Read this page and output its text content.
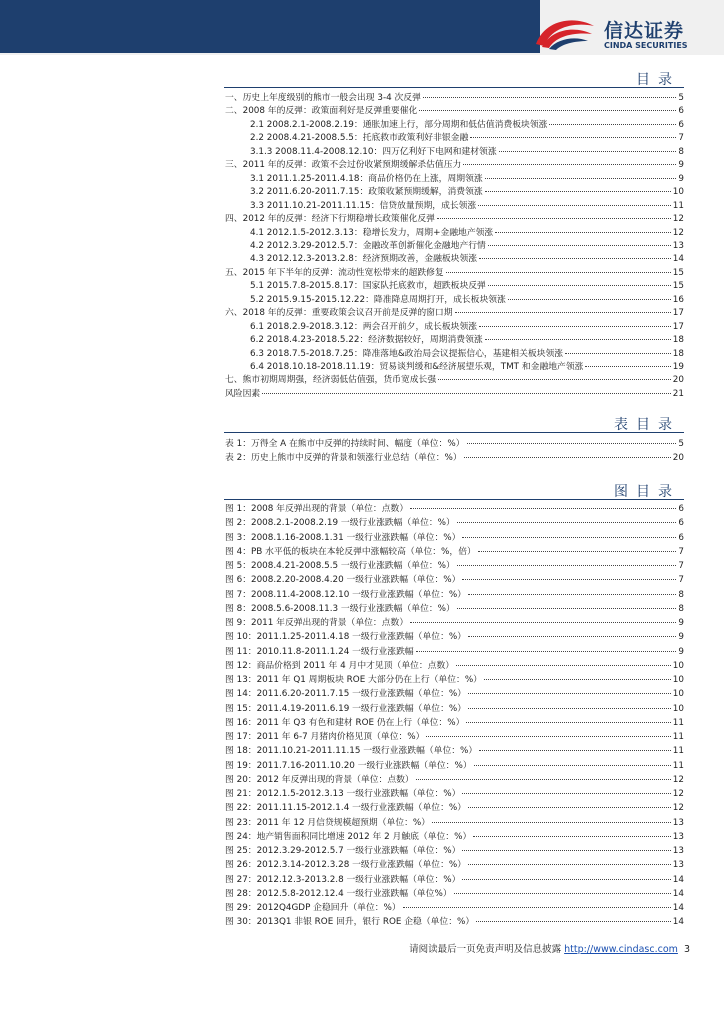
信达证券
CINDA SECURITIES
目录
一、历史上年度级别的熊市一般会出现 3-4 次反弹	5
二、2008 年的反弹：政策面利好是反弹重要催化	6
2.1 2008.2.1-2008.2.19：通胀加速上行，部分周期和低估值消费板块领涨	6
2.2 2008.4.21-2008.5.5：托底救市政策利好非银金融	7
3.1.3 2008.11.4-2008.12.10：四万亿利好下电网和建材领涨	8
三、2011 年的反弹：政策不会过份收紧预期缓解杀估值压力	9
3.1 2011.1.25-2011.4.18：商品价格仍在上涨，周期领涨	9
3.2 2011.6.20-2011.7.15：政策收紧预期缓解，消费领涨	10
3.3 2011.10.21-2011.11.15：信贷放量预期，成长领涨	11
四、2012 年的反弹：经济下行期稳增长政策催化反弹	12
4.1 2012.1.5-2012.3.13：稳增长发力，周期+金融地产领涨	12
4.2 2012.3.29-2012.5.7：金融改革创新催化金融地产行情	13
4.3 2012.12.3-2013.2.8：经济预期改善，金融板块领涨	14
五、2015 年下半年的反弹：流动性宽松带来的超跌修复	15
5.1 2015.7.8-2015.8.17：国家队托底救市，超跌板块反弹	15
5.2 2015.9.15-2015.12.22：降准降息周期打开，成长板块领涨	16
六、2018 年的反弹：重要政策会议召开前是反弹的窗口期	17
6.1 2018.2.9-2018.3.12：两会召开前夕，成长板块领涨	17
6.2 2018.4.23-2018.5.22：经济数据较好，周期消费领涨	18
6.3 2018.7.5-2018.7.25：降准落地&政治局会议提振信心，基建相关板块领涨	18
6.4 2018.10.18-2018.11.19：贸易谈判缓和&经济展望乐观，TMT 和金融地产领涨	19
七、熊市初期周期强，经济弱低估值强，货币宽成长强	20
风险因素	21
表目录
表 1：万得全 A 在熊市中反弹的持续时间、幅度（单位：%）	5
表 2：历史上熊市中反弹的背景和领涨行业总结（单位：%）	20
图目录
图 1：2008 年反弹出现的背景（单位：点数）	6
图 2：2008.2.1-2008.2.19 一级行业涨跌幅（单位：%）	6
图 3：2008.1.16-2008.1.31 一级行业涨跌幅（单位：%）	6
图 4：PB 水平低的板块在本轮反弹中涨幅较高（单位：%，倍）	7
图 5：2008.4.21-2008.5.5 一级行业涨跌幅（单位：%）	7
图 6：2008.2.20-2008.4.20 一级行业涨跌幅（单位：%）	7
图 7：2008.11.4-2008.12.10 一级行业涨跌幅（单位：%）	8
图 8：2008.5.6-2008.11.3 一级行业涨跌幅（单位：%）	8
图 9：2011 年反弹出现的背景（单位：点数）	9
图 10：2011.1.25-2011.4.18 一级行业涨跌幅（单位：%）	9
图 11：2010.11.8-2011.1.24 一级行业涨跌幅	9
图 12：商品价格到 2011 年 4 月中才见顶（单位：点数）	10
图 13：2011 年 Q1 周期板块 ROE 大部分仍在上行（单位：%）	10
图 14：2011.6.20-2011.7.15 一级行业涨跌幅（单位：%）	10
图 15：2011.4.19-2011.6.19 一级行业涨跌幅（单位：%）	10
图 16：2011 年 Q3 有色和建材 ROE 仍在上行（单位：%）	11
图 17：2011 年 6-7 月猪肉价格见顶（单位：%）	11
图 18：2011.10.21-2011.11.15 一级行业涨跌幅（单位：%）	11
图 19：2011.7.16-2011.10.20 一级行业涨跌幅（单位：%）	11
图 20：2012 年反弹出现的背景（单位：点数）	12
图 21：2012.1.5-2012.3.13 一级行业涨跌幅（单位：%）	12
图 22：2011.11.15-2012.1.4 一级行业涨跌幅（单位：%）	12
图 23：2011 年 12 月信贷规模超预期（单位：%）	13
图 24：地产销售面积同比增速 2012 年 2 月触底（单位：%）	13
图 25：2012.3.29-2012.5.7 一级行业涨跌幅（单位：%）	13
图 26：2012.3.14-2012.3.28 一级行业涨跌幅（单位：%）	13
图 27：2012.12.3-2013.2.8 一级行业涨跌幅（单位：%）	14
图 28：2012.5.8-2012.12.4 一级行业涨跌幅（单位%）	14
图 29：2012Q4GDP 企稳回升（单位：%）	14
图 30：2013Q1 非银 ROE 回升，银行 ROE 企稳（单位：%）	14
请阅读最后一页免责声明及信息披露 http://www.cindasc.com 3
